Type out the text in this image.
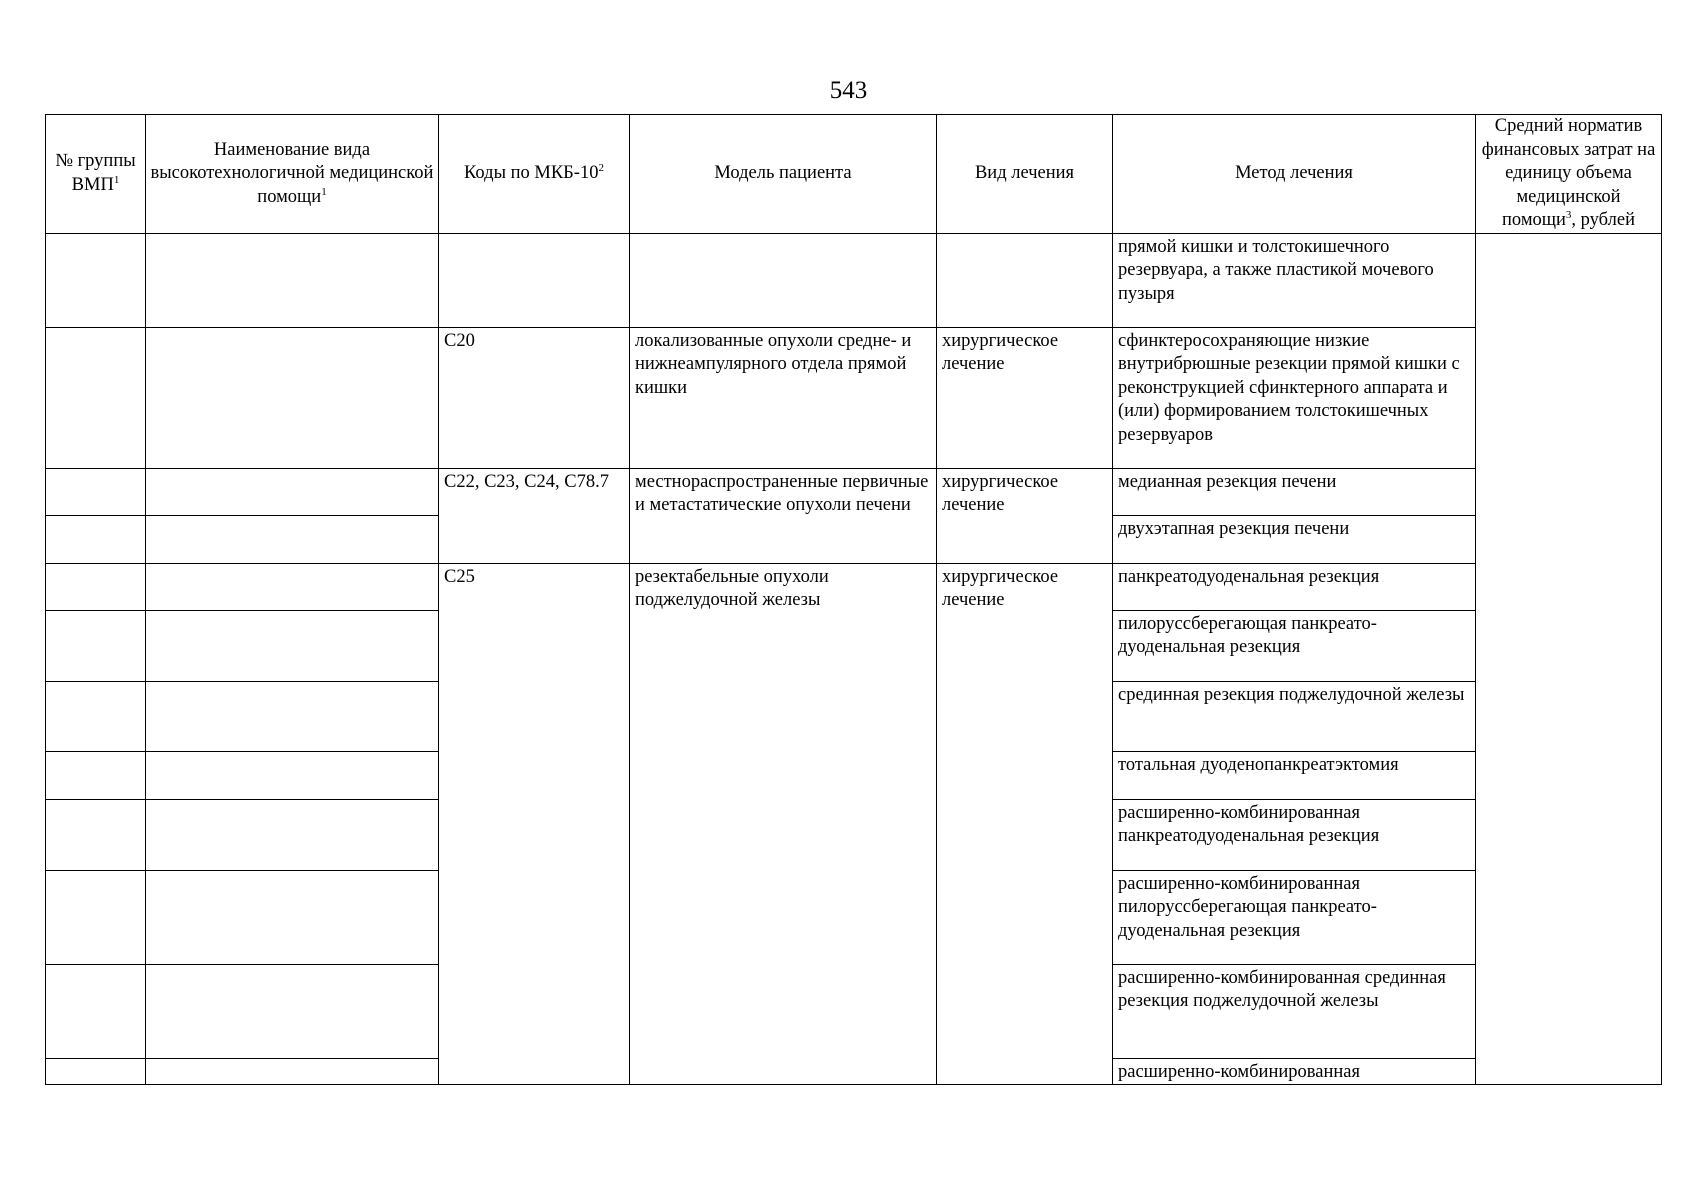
543
№ группы ВМП$^1$	Наименование вида высокотехнологичной медицинской помощи$^1$	Коды по МКБ-$10^2$	Модель пациента	Вид лечения	Метод лечения	Средний норматив финансовых затрат на единицу объема медицинской помощи$^3$, рублей
					прямой кишки и толстокишечного резервуара, а также пластикой мочевого пузыря	
		C20	локализованные опухоли средне- и нижнеампулярного отдела прямой кишки	хирургическое лечение	сфинктеросохраняющие низкие внутрибрюшные резекции прямой кишки с реконструкцией сфинктерного аппарата и (или) формированием толстокишечных резервуаров	
		C22, C23, C24, C78.7	местнораспространенные первичные и метастатические опухоли печени	хирургическое лечение	медианная резекция печени	
					двухэтапная резекция печени	
		C25	резектабельные опухоли поджелудочной железы	хирургическое лечение	панкреатодуоденальная резекция	
					пилоруссберегающая панкреато-дуоденальная резекция	
					срединная резекция поджелудочной железы	
					тотальная дуоденопанкреатэктомия	
					расширенно-комбинированная панкреатодуоденальная резекция	
					расширенно-комбинированная пилоруссберегающая панкреато-дуоденальная резекция	
					расширенно-комбинированная срединная резекция поджелудочной железы	
					расширенно-комбинированная	
